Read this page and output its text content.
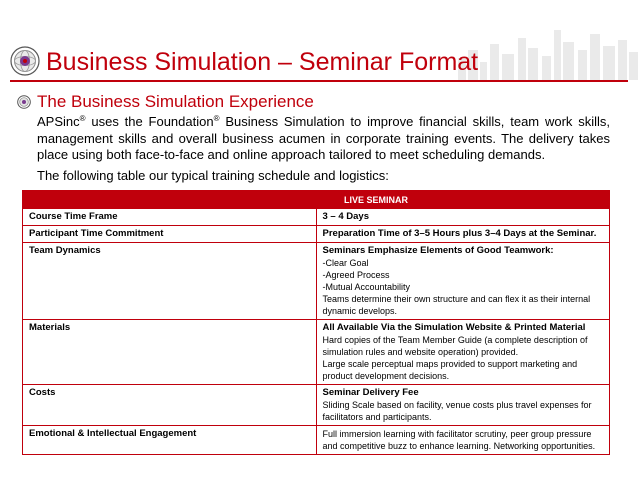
Business Simulation – Seminar Format
The Business Simulation Experience

APSinc® uses the Foundation® Business Simulation to improve financial skills, team work skills, management skills and overall business acumen in corporate training events. The delivery takes place using both face-to-face and online approach tailored to meet scheduling demands.

The following table our typical training schedule and logistics:
LIVE SEMINAR	
Course Time Frame	3 – 4 Days

Participant Time Commitment	Preparation Time of 3–5 Hours plus 3–4 Days at the Seminar.

Team Dynamics	Seminars Emphasize Elements of Good Teamwork:
-Clear Goal
-Agreed Process
-Mutual Accountability
Teams determine their own structure and can flex it as their internal dynamic develops.

Materials	All Available Via the Simulation Website & Printed Material
Hard copies of the Team Member Guide (a complete description of simulation rules and website operation) provided.
Large scale perceptual maps provided to support marketing and product development decisions.

Costs	Seminar Delivery Fee
Sliding Scale based on facility, venue costs plus travel expenses for facilitators and participants.

Emotional & Intellectual Engagement	Full immersion learning with facilitator scrutiny, peer group pressure and competitive buzz to enhance learning. Networking opportunities.
